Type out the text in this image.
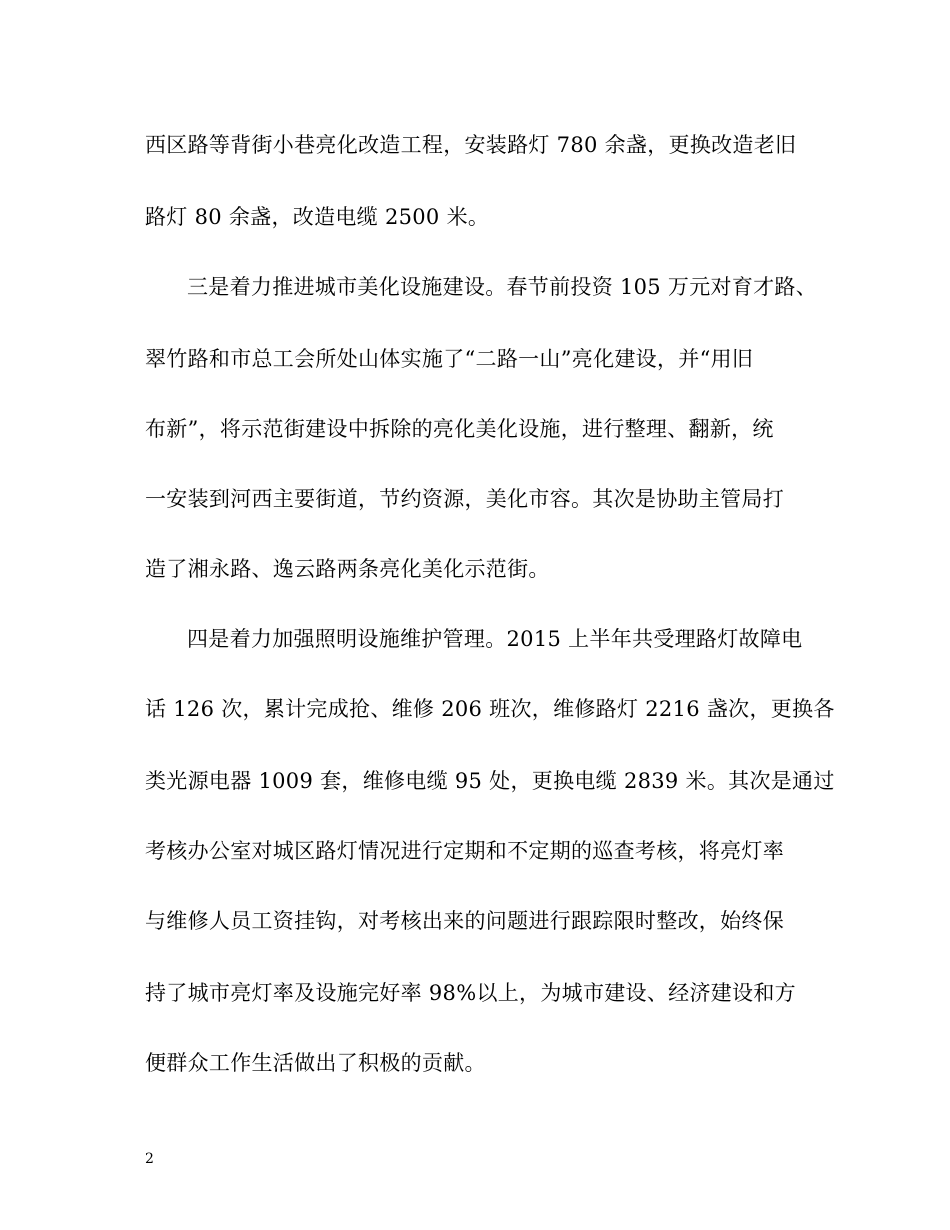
西区路等背街小巷亮化改造工程，安装路灯 780 余盏，更换改造老旧
路灯 80 余盏，改造电缆 2500 米。
三是着力推进城市美化设施建设。春节前投资 105 万元对育才路、
翠竹路和市总工会所处山体实施了“二路一山”亮化建设，并“用旧
布新”，将示范街建设中拆除的亮化美化设施，进行整理、翻新，统
一安装到河西主要街道，节约资源，美化市容。其次是协助主管局打
造了湘永路、逸云路两条亮化美化示范街。
四是着力加强照明设施维护管理。2015 上半年共受理路灯故障电
话 126 次，累计完成抢、维修 206 班次，维修路灯 2216 盏次，更换各
类光源电器 1009 套，维修电缆 95 处，更换电缆 2839 米。其次是通过
考核办公室对城区路灯情况进行定期和不定期的巡查考核，将亮灯率
与维修人员工资挂钩，对考核出来的问题进行跟踪限时整改，始终保
持了城市亮灯率及设施完好率 98%以上，为城市建设、经济建设和方
便群众工作生活做出了积极的贡献。
2
